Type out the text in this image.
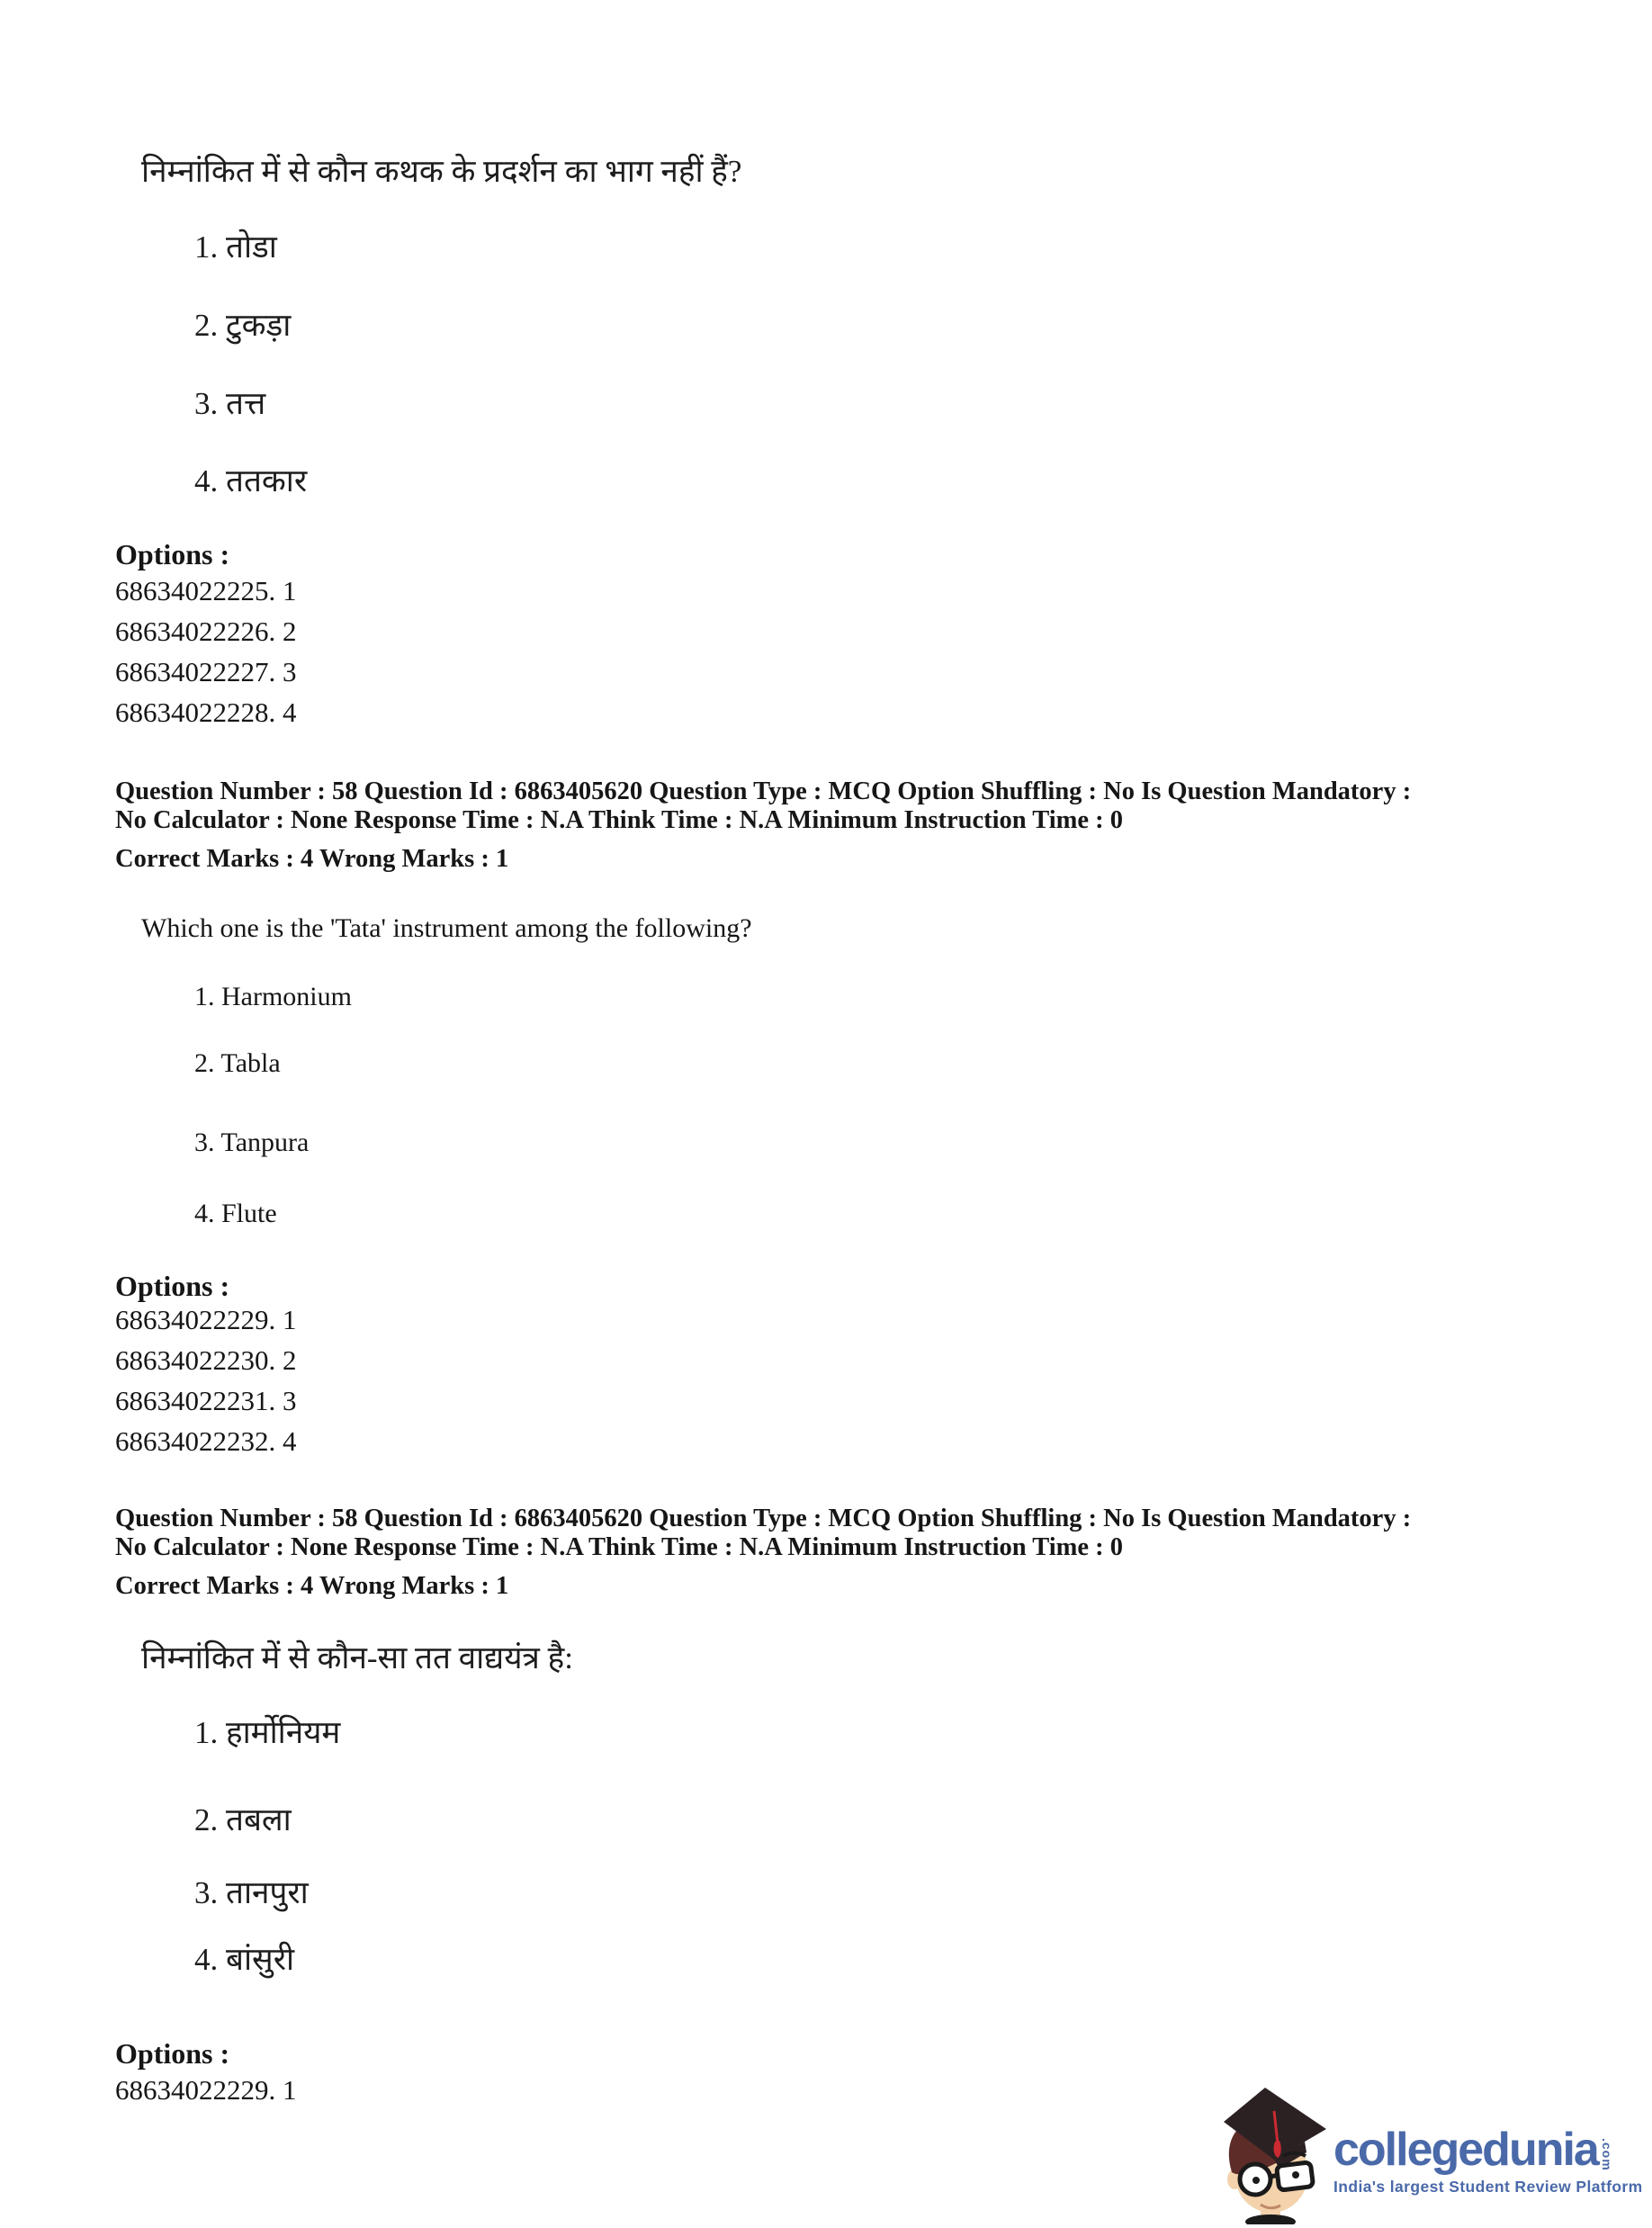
निम्नांकित में से कौन कथक के प्रदर्शन का भाग नहीं हैं?
1. तोडा
2. टुकड़ा
3. तत्त
4. ततकार
Options :
68634022225. 1
68634022226. 2
68634022227. 3
68634022228. 4
Question Number : 58 Question Id : 6863405620 Question Type : MCQ Option Shuffling : No Is Question Mandatory :
No Calculator : None Response Time : N.A Think Time : N.A Minimum Instruction Time : 0
Correct Marks : 4 Wrong Marks : 1
Which one is the 'Tata' instrument among the following?
1. Harmonium
2. Tabla
3. Tanpura
4. Flute
Options :
68634022229. 1
68634022230. 2
68634022231. 3
68634022232. 4
Question Number : 58 Question Id : 6863405620 Question Type : MCQ Option Shuffling : No Is Question Mandatory :
No Calculator : None Response Time : N.A Think Time : N.A Minimum Instruction Time : 0
Correct Marks : 4 Wrong Marks : 1
निम्नांकित में से कौन-सा तत वाद्ययंत्र है:
1. हार्मोनियम
2. तबला
3. तानपुरा
4. बांसुरी
Options :
68634022229. 1
collegedunia .com
India's largest Student Review Platform
